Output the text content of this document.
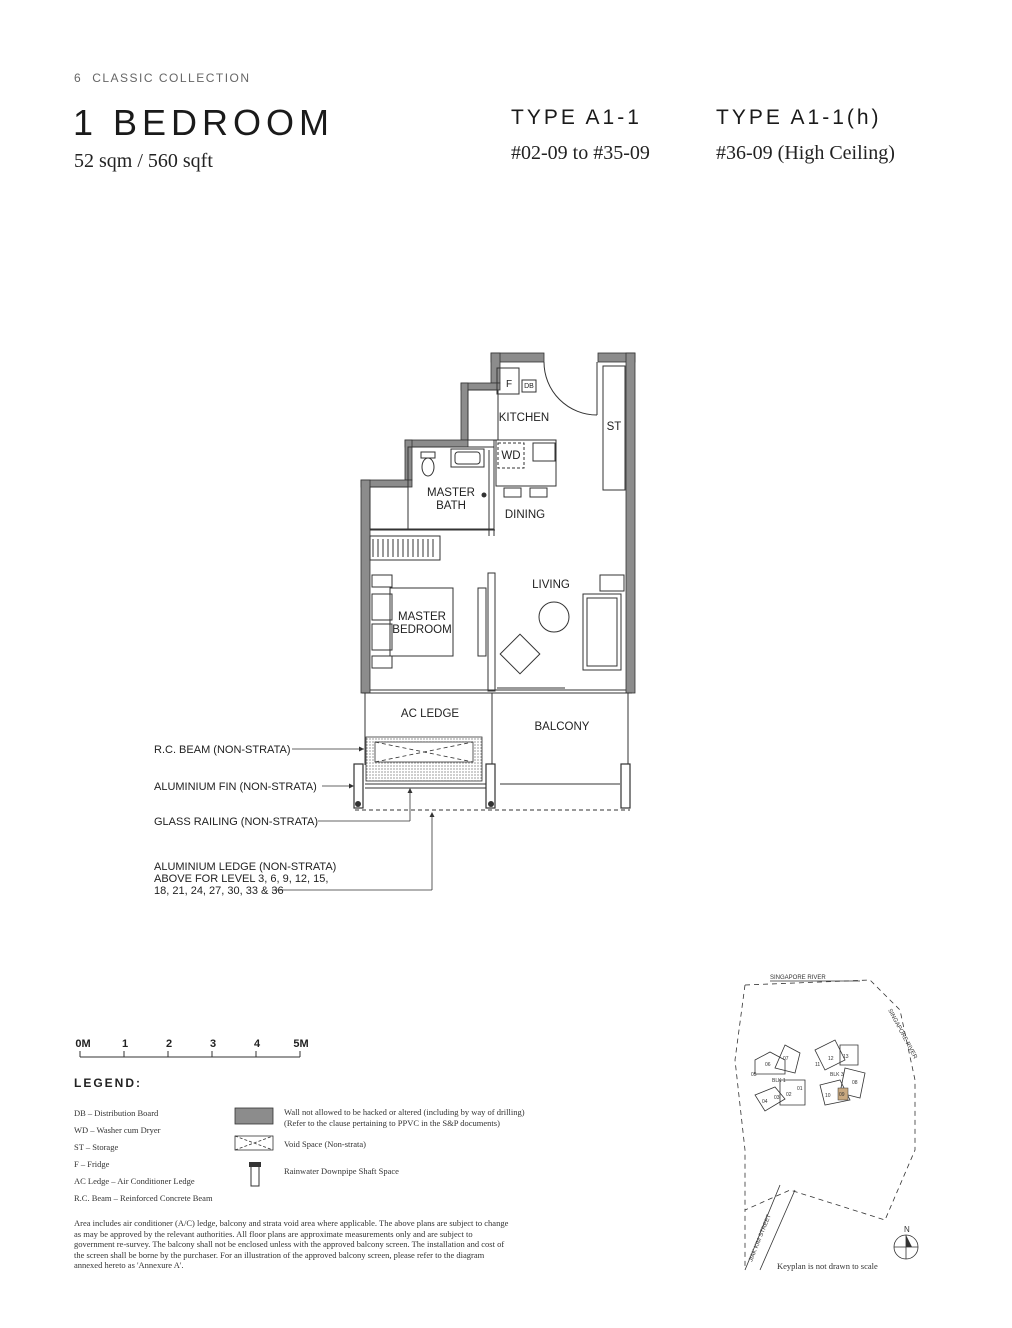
6 CLASSIC COLLECTION
1 BEDROOM
52 sqm / 560 sqft
TYPE A1-1
#02-09 to #35-09
TYPE A1-1(h)
#36-09 (High Ceiling)
F DB
KITCHEN
ST
WD
MASTER
BATH
DINING
LIVING
MASTER
BEDROOM
AC LEDGE
BALCONY
R.C. BEAM (NON-STRATA)
ALUMINIUM FIN (NON-STRATA)
GLASS RAILING (NON-STRATA)
ALUMINIUM LEDGE (NON-STRATA)
ABOVE FOR LEVEL 3, 6, 9, 12, 15,
18, 21, 24, 27, 30, 33 & 36
0M	1	2	3	4	5M
SINGAPORE RIVER
SINGAPORE RIVER
JIAK KIM STREET	N
05
06
07
04
03 02
01
BLK 1
11
12 13
10 09
08
BLK 3
LEGEND:
DB – Distribution Board
WD – Washer cum Dryer
ST – Storage
F – Fridge
AC Ledge – Air Conditioner Ledge
R.C. Beam – Reinforced Concrete Beam
Wall not allowed to be hacked or altered (including by way of drilling)
(Refer to the clause pertaining to PPVC in the S&P documents)
Void Space (Non-strata)
Rainwater Downpipe Shaft Space
Area includes air conditioner (A/C) ledge, balcony and strata void area where applicable. The above plans are subject to change as may be approved by the relevant authorities. All floor plans are approximate measurements only and are subject to government re-survey. The balcony shall not be enclosed unless with the approved balcony screen. The installation and cost of the screen shall be borne by the purchaser. For an illustration of the approved balcony screen, please refer to the diagram annexed hereto as 'Annexure A'.	Keyplan is not drawn to scale
